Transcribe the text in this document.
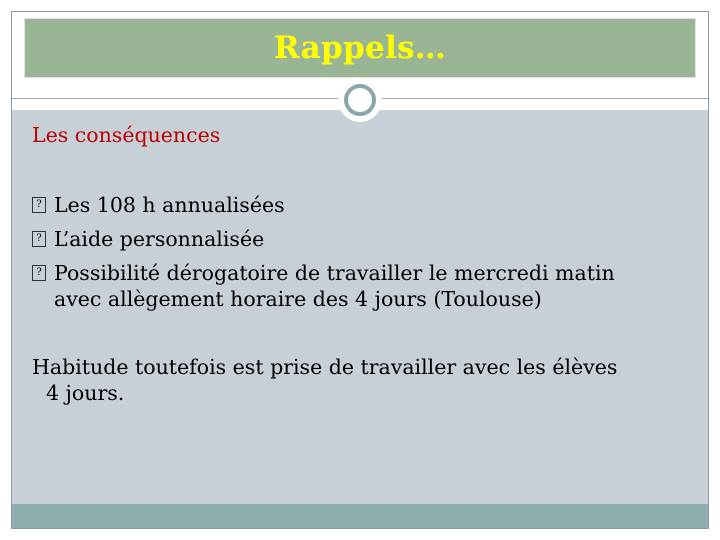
Rappels…
Les conséquences
? Les 108 h annualisées
? L’aide personnalisée
? Possibilité dérogatoire de travailler le mercredi matin
avec allègement horaire des 4 jours (Toulouse)
Habitude toutefois est prise de travailler avec les élèves
4 jours.
